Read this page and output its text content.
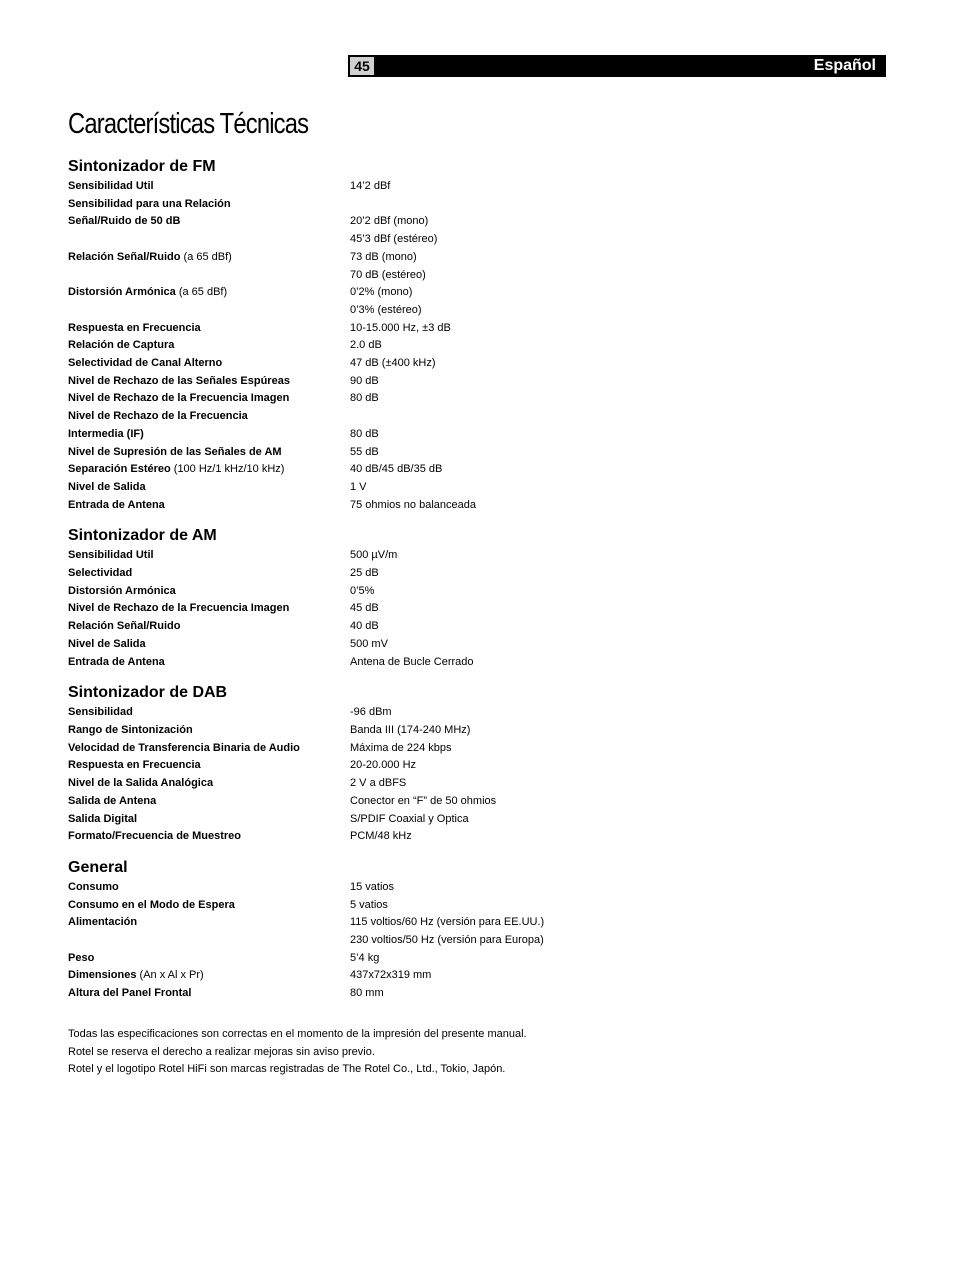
45	Español
Características Técnicas
Sintonizador de FM
Sensibilidad Util	14’2 dBf
Sensibilidad para una Relación
Señal/Ruido de 50 dB	20’2 dBf (mono)
45’3 dBf (estéreo)
Relación Señal/Ruido (a 65 dBf)	73 dB (mono)
70 dB (estéreo)
Distorsión Armónica (a 65 dBf)	0’2% (mono)
0’3% (estéreo)
Respuesta en Frecuencia	10-15.000 Hz, ±3 dB
Relación de Captura	2.0 dB
Selectividad de Canal Alterno	47 dB (±400 kHz)
Nivel de Rechazo de las Señales Espúreas	90 dB
Nivel de Rechazo de la Frecuencia Imagen	80 dB
Nivel de Rechazo de la Frecuencia
Intermedia (IF)	80 dB
Nivel de Supresión de las Señales de AM	55 dB
Separación Estéreo (100 Hz/1 kHz/10 kHz)	40 dB/45 dB/35 dB
Nivel de Salida	1 V
Entrada de Antena	75 ohmios no balanceada
Sintonizador de AM
Sensibilidad Util	500 µV/m
Selectividad	25 dB
Distorsión Armónica	0’5%
Nivel de Rechazo de la Frecuencia Imagen	45 dB
Relación Señal/Ruido	40 dB
Nivel de Salida	500 mV
Entrada de Antena	Antena de Bucle Cerrado
Sintonizador de DAB
Sensibilidad	-96 dBm
Rango de Sintonización	Banda III (174-240 MHz)
Velocidad de Transferencia Binaria de Audio	Máxima de 224 kbps
Respuesta en Frecuencia	20-20.000 Hz
Nivel de la Salida Analógica	2 V a dBFS
Salida de Antena	Conector en “F” de 50 ohmios
Salida Digital	S/PDIF Coaxial y Optica
Formato/Frecuencia de Muestreo	PCM/48 kHz
General
Consumo	15 vatios
Consumo en el Modo de Espera	5 vatios
Alimentación	115 voltios/60 Hz (versión para EE.UU.)
230 voltios/50 Hz (versión para Europa)
Peso	5’4 kg
Dimensiones (An x Al x Pr)	437x72x319 mm
Altura del Panel Frontal	80 mm
Todas las especificaciones son correctas en el momento de la impresión del presente manual.
Rotel se reserva el derecho a realizar mejoras sin aviso previo.
Rotel y el logotipo Rotel HiFi son marcas registradas de The Rotel Co., Ltd., Tokio, Japón.
